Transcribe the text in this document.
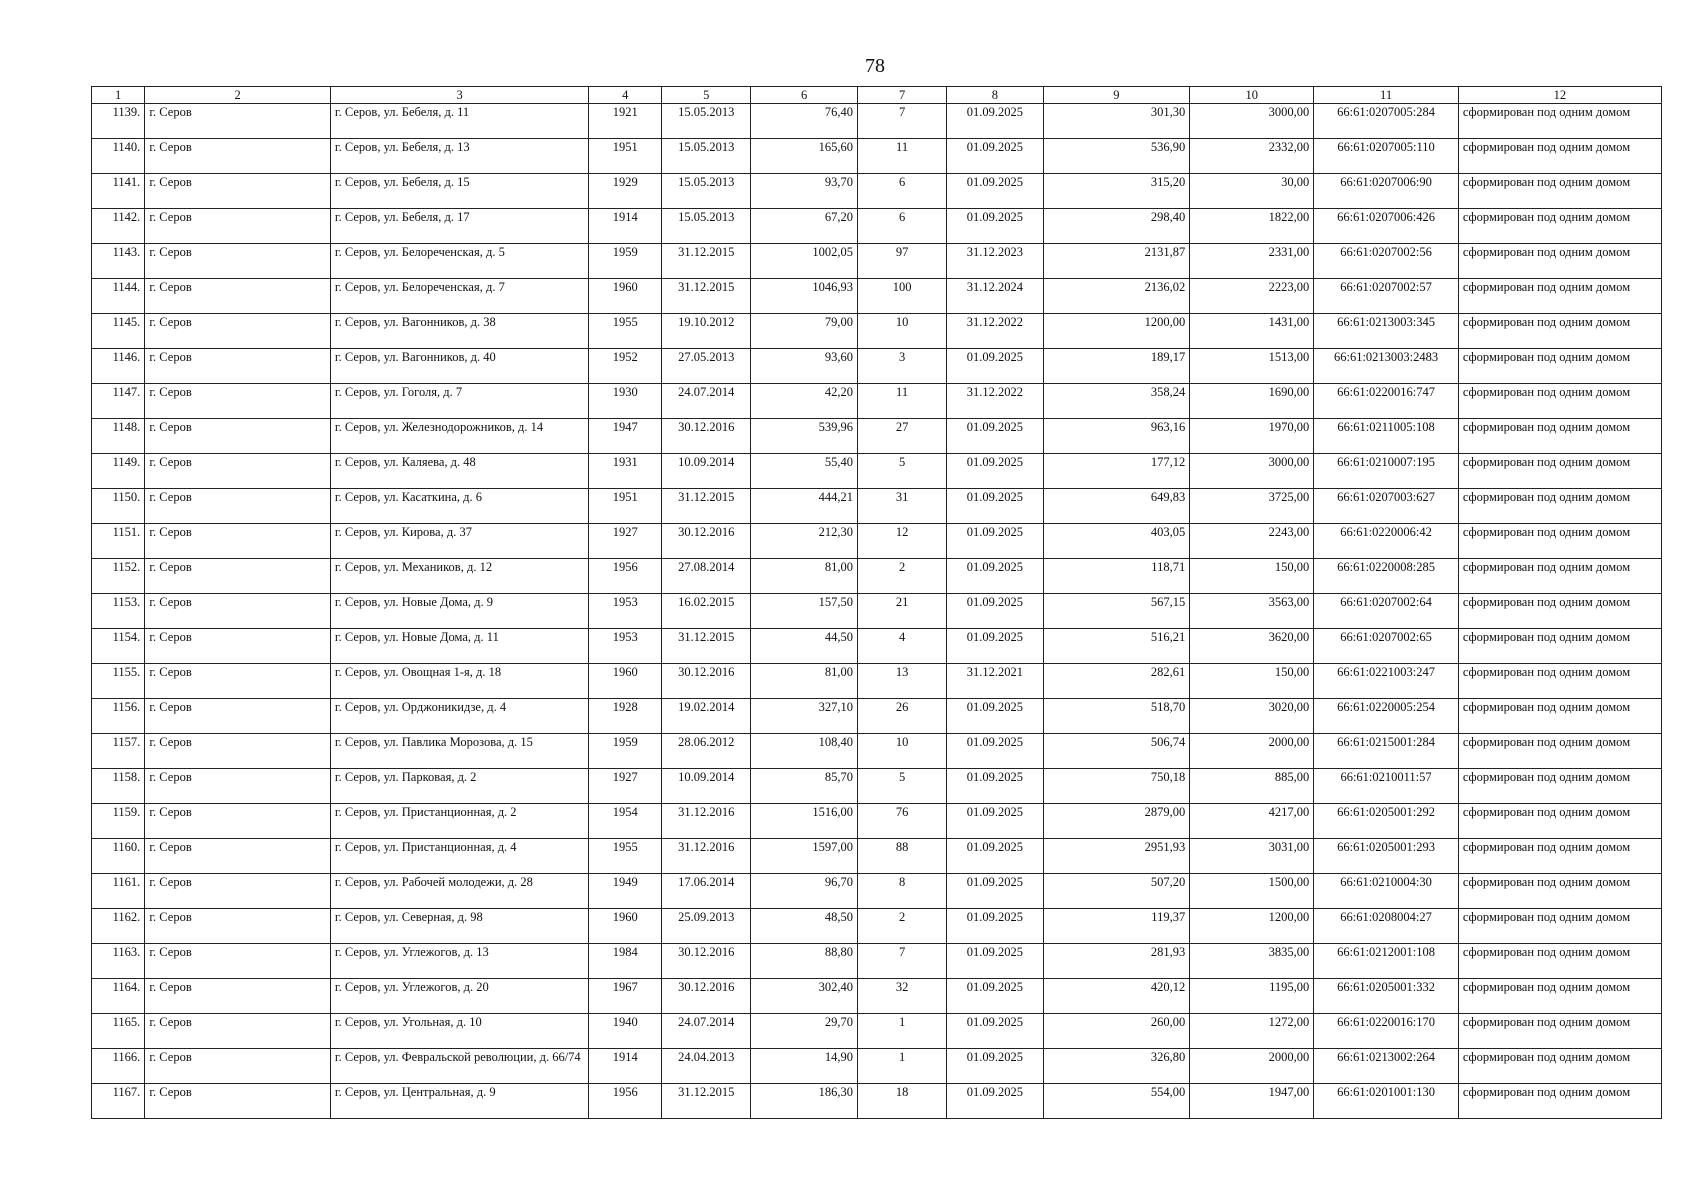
78
1	2	3	4	5	6	7	8	9	10	11	12
1139.	г. Серов	г. Серов, ул. Бебеля, д. 11	1921	15.05.2013	76,40	7	01.09.2025	301,30	3000,00	66:61:0207005:284	сформирован под одним домом
1140.	г. Серов	г. Серов, ул. Бебеля, д. 13	1951	15.05.2013	165,60	11	01.09.2025	536,90	2332,00	66:61:0207005:110	сформирован под одним домом
1141.	г. Серов	г. Серов, ул. Бебеля, д. 15	1929	15.05.2013	93,70	6	01.09.2025	315,20	30,00	66:61:0207006:90	сформирован под одним домом
1142.	г. Серов	г. Серов, ул. Бебеля, д. 17	1914	15.05.2013	67,20	6	01.09.2025	298,40	1822,00	66:61:0207006:426	сформирован под одним домом
1143.	г. Серов	г. Серов, ул. Белореченская, д. 5	1959	31.12.2015	1002,05	97	31.12.2023	2131,87	2331,00	66:61:0207002:56	сформирован под одним домом
1144.	г. Серов	г. Серов, ул. Белореченская, д. 7	1960	31.12.2015	1046,93	100	31.12.2024	2136,02	2223,00	66:61:0207002:57	сформирован под одним домом
1145.	г. Серов	г. Серов, ул. Вагонников, д. 38	1955	19.10.2012	79,00	10	31.12.2022	1200,00	1431,00	66:61:0213003:345	сформирован под одним домом
1146.	г. Серов	г. Серов, ул. Вагонников, д. 40	1952	27.05.2013	93,60	3	01.09.2025	189,17	1513,00	66:61:0213003:2483	сформирован под одним домом
1147.	г. Серов	г. Серов, ул. Гоголя, д. 7	1930	24.07.2014	42,20	11	31.12.2022	358,24	1690,00	66:61:0220016:747	сформирован под одним домом
1148.	г. Серов	г. Серов, ул. Железнодорожников, д. 14	1947	30.12.2016	539,96	27	01.09.2025	963,16	1970,00	66:61:0211005:108	сформирован под одним домом
1149.	г. Серов	г. Серов, ул. Каляева, д. 48	1931	10.09.2014	55,40	5	01.09.2025	177,12	3000,00	66:61:0210007:195	сформирован под одним домом
1150.	г. Серов	г. Серов, ул. Касаткина, д. 6	1951	31.12.2015	444,21	31	01.09.2025	649,83	3725,00	66:61:0207003:627	сформирован под одним домом
1151.	г. Серов	г. Серов, ул. Кирова, д. 37	1927	30.12.2016	212,30	12	01.09.2025	403,05	2243,00	66:61:0220006:42	сформирован под одним домом
1152.	г. Серов	г. Серов, ул. Механиков, д. 12	1956	27.08.2014	81,00	2	01.09.2025	118,71	150,00	66:61:0220008:285	сформирован под одним домом
1153.	г. Серов	г. Серов, ул. Новые Дома, д. 9	1953	16.02.2015	157,50	21	01.09.2025	567,15	3563,00	66:61:0207002:64	сформирован под одним домом
1154.	г. Серов	г. Серов, ул. Новые Дома, д. 11	1953	31.12.2015	44,50	4	01.09.2025	516,21	3620,00	66:61:0207002:65	сформирован под одним домом
1155.	г. Серов	г. Серов, ул. Овощная 1-я, д. 18	1960	30.12.2016	81,00	13	31.12.2021	282,61	150,00	66:61:0221003:247	сформирован под одним домом
1156.	г. Серов	г. Серов, ул. Орджоникидзе, д. 4	1928	19.02.2014	327,10	26	01.09.2025	518,70	3020,00	66:61:0220005:254	сформирован под одним домом
1157.	г. Серов	г. Серов, ул. Павлика Морозова, д. 15	1959	28.06.2012	108,40	10	01.09.2025	506,74	2000,00	66:61:0215001:284	сформирован под одним домом
1158.	г. Серов	г. Серов, ул. Парковая, д. 2	1927	10.09.2014	85,70	5	01.09.2025	750,18	885,00	66:61:0210011:57	сформирован под одним домом
1159.	г. Серов	г. Серов, ул. Пристанционная, д. 2	1954	31.12.2016	1516,00	76	01.09.2025	2879,00	4217,00	66:61:0205001:292	сформирован под одним домом
1160.	г. Серов	г. Серов, ул. Пристанционная, д. 4	1955	31.12.2016	1597,00	88	01.09.2025	2951,93	3031,00	66:61:0205001:293	сформирован под одним домом
1161.	г. Серов	г. Серов, ул. Рабочей молодежи, д. 28	1949	17.06.2014	96,70	8	01.09.2025	507,20	1500,00	66:61:0210004:30	сформирован под одним домом
1162.	г. Серов	г. Серов, ул. Северная, д. 98	1960	25.09.2013	48,50	2	01.09.2025	119,37	1200,00	66:61:0208004:27	сформирован под одним домом
1163.	г. Серов	г. Серов, ул. Углежогов, д. 13	1984	30.12.2016	88,80	7	01.09.2025	281,93	3835,00	66:61:0212001:108	сформирован под одним домом
1164.	г. Серов	г. Серов, ул. Углежогов, д. 20	1967	30.12.2016	302,40	32	01.09.2025	420,12	1195,00	66:61:0205001:332	сформирован под одним домом
1165.	г. Серов	г. Серов, ул. Угольная, д. 10	1940	24.07.2014	29,70	1	01.09.2025	260,00	1272,00	66:61:0220016:170	сформирован под одним домом
1166.	г. Серов	г. Серов, ул. Февральской революции, д. 66/74	1914	24.04.2013	14,90	1	01.09.2025	326,80	2000,00	66:61:0213002:264	сформирован под одним домом
1167.	г. Серов	г. Серов, ул. Центральная, д. 9	1956	31.12.2015	186,30	18	01.09.2025	554,00	1947,00	66:61:0201001:130	сформирован под одним домом
